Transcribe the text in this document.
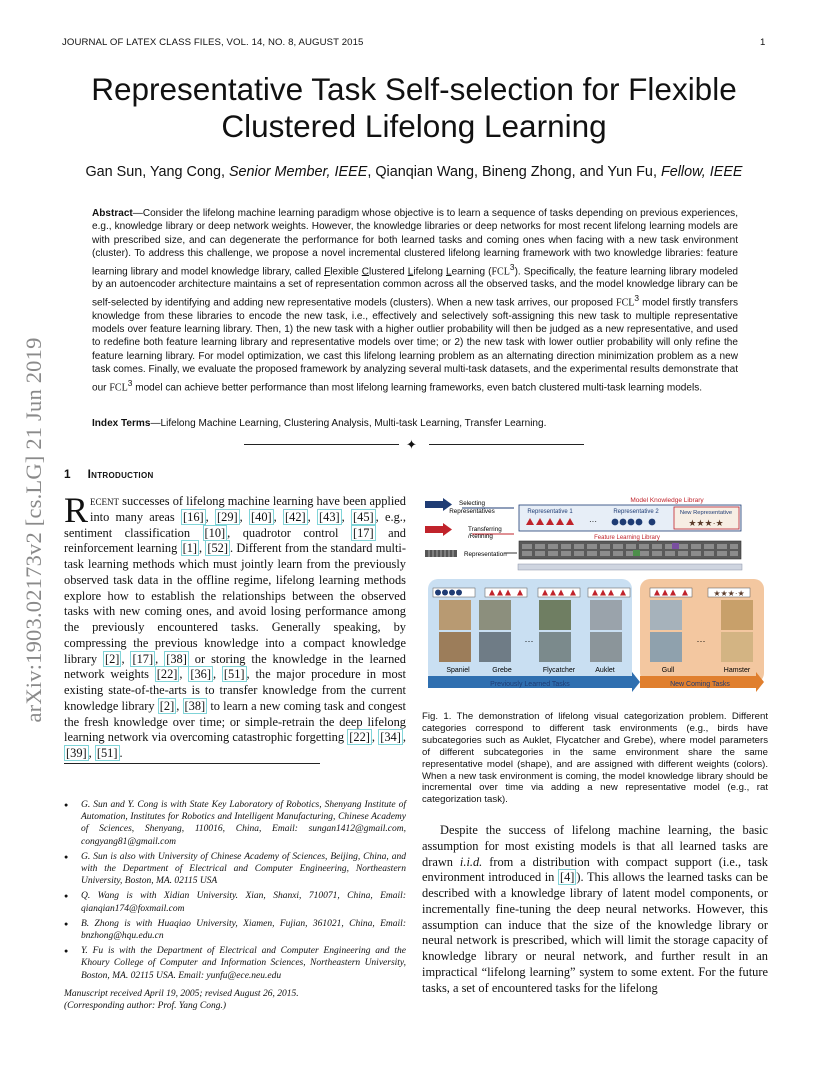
JOURNAL OF LATEX CLASS FILES, VOL. 14, NO. 8, AUGUST 2015	1
arXiv:1903.02173v2 [cs.LG] 21 Jun 2019
Representative Task Self-selection for Flexible
Clustered Lifelong Learning
Gan Sun, Yang Cong, Senior Member, IEEE, Qianqian Wang, Bineng Zhong, and Yun Fu, Fellow, IEEE
Abstract—Consider the lifelong machine learning paradigm whose objective is to learn a sequence of tasks depending on previous experiences, e.g., knowledge library or deep network weights. However, the knowledge libraries or deep networks for most recent lifelong learning models are with prescribed size, and can degenerate the performance for both learned tasks and coming ones when facing with a new task environment (cluster). To address this challenge, we propose a novel incremental clustered lifelong learning framework with two knowledge libraries: feature learning library and model knowledge library, called Flexible Clustered Lifelong Learning (FCL$^3$). Specifically, the feature learning library modeled by an autoencoder architecture maintains a set of representation common across all the observed tasks, and the model knowledge library can be self-selected by identifying and adding new representative models (clusters). When a new task arrives, our proposed FCL$^3$ model firstly transfers knowledge from these libraries to encode the new task, i.e., effectively and selectively soft-assigning this new task to multiple representative models over feature learning library. Then, 1) the new task with a higher outlier probability will then be judged as a new representative, and used to redefine both feature learning library and representative models over time; or 2) the new task with lower outlier probability will only refine the feature learning library. For model optimization, we cast this lifelong learning problem as an alternating direction minimization problem as a new task comes. Finally, we evaluate the proposed framework by analyzing several multi-task datasets, and the experimental results demonstrate that our FCL$^3$ model can achieve better performance than most lifelong learning frameworks, even batch clustered multi-task learning models.
Index Terms—Lifelong Machine Learning, Clustering Analysis, Multi-task Learning, Transfer Learning.
✦
1 Introduction
Recent successes of lifelong machine learning have been applied into many areas [16] , [29] , [40] , [42] , [43] , [45] , e.g., sentiment classification [10] , quadrotor control [17] and reinforcement learning [1] , [52] . Different from the standard multi-task learning methods which must jointly learn from the previously observed task data in the offline regime, lifelong learning methods explore how to establish the relationships between the observed tasks with new coming ones, and avoid losing performance among the previously encountered tasks. Generally speaking, by compressing the previous knowledge into a compact knowledge library [2] , [17] , [38] or storing the knowledge in the learned network weights [22] , [36] , [51] , the major procedure in most existing state-of-the-arts is to transfer knowledge from the current knowledge library [2] , [38] to learn a new coming task and congest the fresh knowledge over time; or simple-retrain the deep lifelong learning network via overcoming catastrophic forgetting [22] , [34] , [39] , [51] .
● G. Sun and Y. Cong is with State Key Laboratory of Robotics, Shenyang Institute of Automation, Institutes for Robotics and Intelligent Manufacturing, Chinese Academy of Sciences, Shenyang, 110016, China, Email: sungan1412@gmail.com, congyang81@gmail.com
● G. Sun is also with University of Chinese Academy of Sciences, Beijing, China, and with the Department of Electrical and Computer Engineering, Northeastern University, Boston, MA. 02115 USA
● Q. Wang is with Xidian University. Xian, Shanxi, 710071, China, Email: qianqian174@foxmail.com
● B. Zhong is with Huaqiao University, Xiamen, Fujian, 361021, China, Email: bnzhong@hqu.edu.cn
● Y. Fu is with the Department of Electrical and Computer Engineering and the Khoury College of Computer and Information Sciences, Northeastern University, Boston, MA. 02115 USA. Email: yunfu@ece.neu.edu
Manuscript received April 19, 2005; revised August 26, 2015.
(Corresponding author: Prof. Yang Cong.)
Selecting
Representatives
Transferring
/Refining
Representation
Model Knowledge Library
Representative 1	Representative 2
···
New Representative
★★★·★
Feature Learning Library
Previously Learned Tasks
···
Spaniel	Grebe	Flycatcher	Auklet
New Coming Tasks
★★★·★
···
Gull	Hamster
Fig. 1. The demonstration of lifelong visual categorization problem. Different categories correspond to different task environments (e.g., birds have subcategories such as Auklet, Flycatcher and Grebe), where model parameters of different subcategories in the same environment share the same representative model (shape), and are assigned with different weights (colors). When a new task environment is coming, the model knowledge library should be incremental over time via adding a new representative model (e.g., rat categorization task).
Despite the success of lifelong machine learning, the basic assumption for most existing models is that all learned tasks are drawn i.i.d. from a distribution with compact support (i.e., task environment introduced in [4] ). This allows the learned tasks can be described with a knowledge library of latent model components, or incrementally fine-tuning the deep neural networks. However, this assumption can induce that the size of the knowledge library or neural network is prescribed, which will limit the storage capacity of knowledge library or neural network, and further result in an impractical “lifelong learning” system to some extent. For the future tasks, a set of encountered tasks for the lifelong
